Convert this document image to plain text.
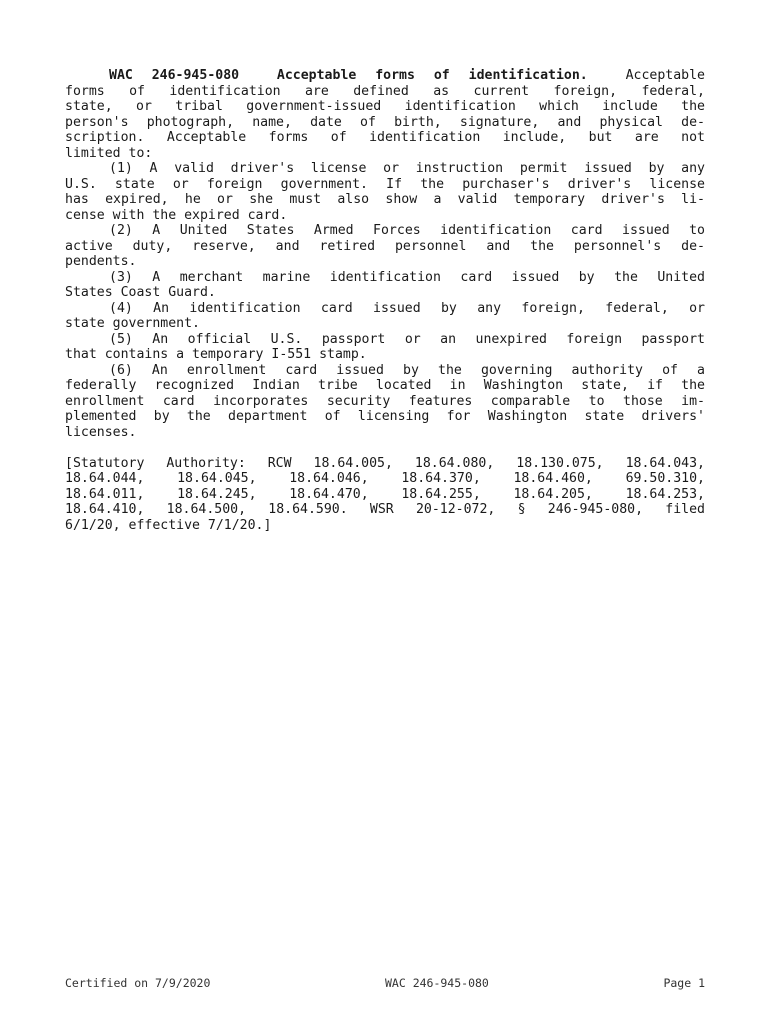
WAC 246-945-080	Acceptable forms of identification.	Acceptable
forms of identification are defined as current foreign, federal,
state, or tribal government-issued identification which include the
person's photograph, name, date of birth, signature, and physical de-
scription. Acceptable forms of identification include, but are not
limited to:
(1) A valid driver's license or instruction permit issued by any
U.S. state or foreign government. If the purchaser's driver's license
has expired, he or she must also show a valid temporary driver's li-
cense with the expired card.
(2) A United States Armed Forces identification card issued to
active duty, reserve, and retired personnel and the personnel's de-
pendents.
(3) A merchant marine identification card issued by the United
States Coast Guard.
(4) An identification card issued by any foreign, federal, or
state government.
(5) An official U.S. passport or an unexpired foreign passport
that contains a temporary I-551 stamp.
(6) An enrollment card issued by the governing authority of a
federally recognized Indian tribe located in Washington state, if the
enrollment card incorporates security features comparable to those im-
plemented by the department of licensing for Washington state drivers'
licenses.
[Statutory Authority: RCW 18.64.005, 18.64.080, 18.130.075, 18.64.043,
18.64.044, 18.64.045, 18.64.046, 18.64.370, 18.64.460, 69.50.310,
18.64.011, 18.64.245, 18.64.470, 18.64.255, 18.64.205, 18.64.253,
18.64.410, 18.64.500, 18.64.590. WSR 20-12-072, § 246-945-080, filed
6/1/20, effective 7/1/20.]
Certified on 7/9/2020	WAC 246-945-080	Page 1
